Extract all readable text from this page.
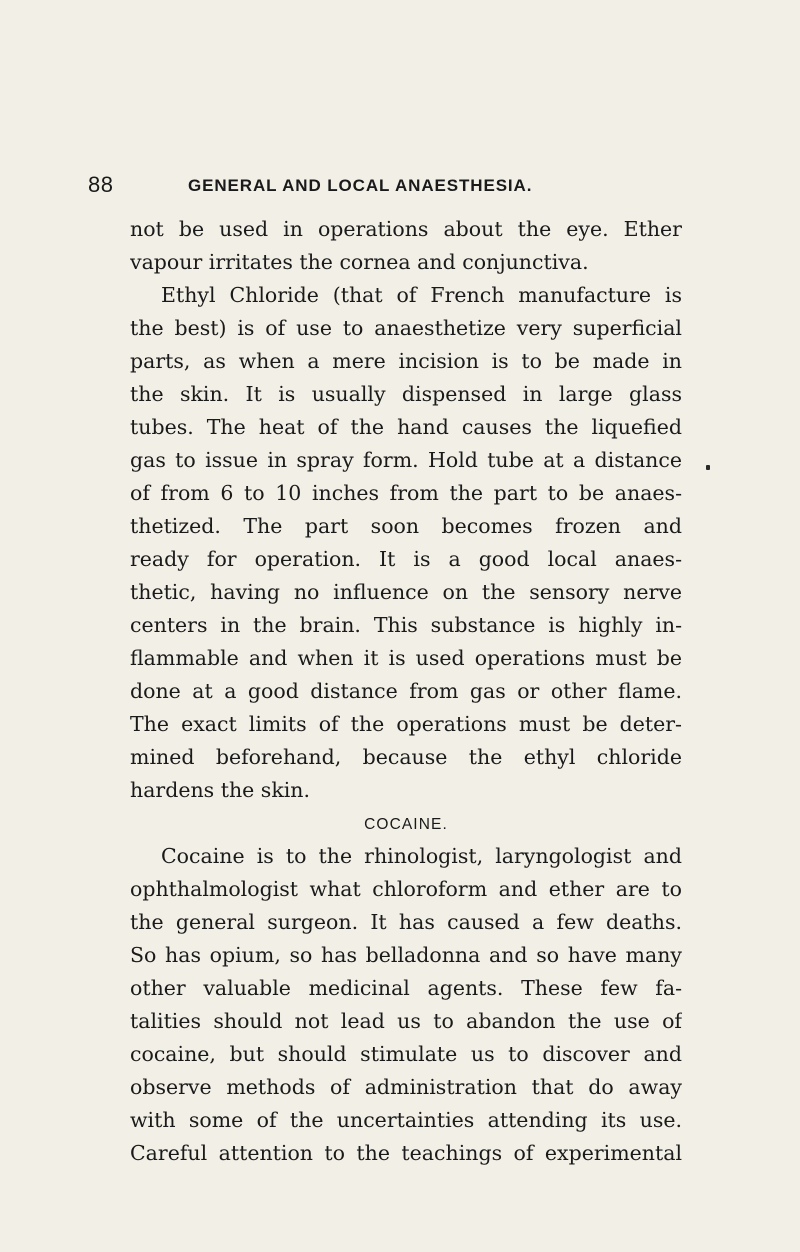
88	GENERAL AND LOCAL ANAESTHESIA.
not be used in operations about the eye. Ether
vapour irritates the cornea and conjunctiva.
Ethyl Chloride (that of French manufacture is
the best) is of use to anaesthetize very superficial
parts, as when a mere incision is to be made in
the skin. It is usually dispensed in large glass
tubes. The heat of the hand causes the liquefied
gas to issue in spray form. Hold tube at a distance
of from 6 to 10 inches from the part to be anaes-
thetized. The part soon becomes frozen and
ready for operation. It is a good local anaes-
thetic, having no influence on the sensory nerve
centers in the brain. This substance is highly in-
flammable and when it is used operations must be
done at a good distance from gas or other flame.
The exact limits of the operations must be deter-
mined beforehand, because the ethyl chloride
hardens the skin.
COCAINE.
Cocaine is to the rhinologist, laryngologist and
ophthalmologist what chloroform and ether are to
the general surgeon. It has caused a few deaths.
So has opium, so has belladonna and so have many
other valuable medicinal agents. These few fa-
talities should not lead us to abandon the use of
cocaine, but should stimulate us to discover and
observe methods of administration that do away
with some of the uncertainties attending its use.
Careful attention to the teachings of experimental
